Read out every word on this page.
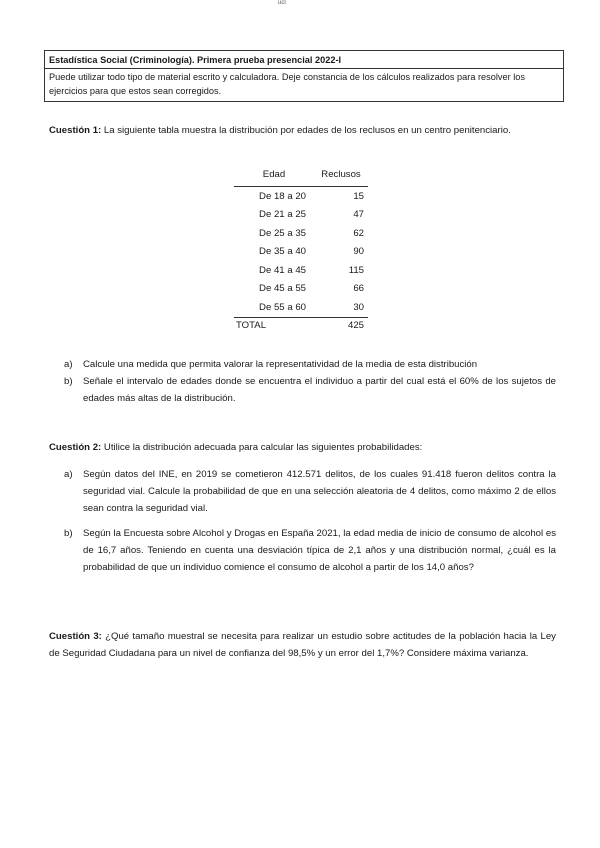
ucl
Estadística Social (Criminología). Primera prueba presencial 2022-I
Puede utilizar todo tipo de material escrito y calculadora. Deje constancia de los cálculos realizados para resolver los ejercicios para que estos sean corregidos.
Cuestión 1: La siguiente tabla muestra la distribución por edades de los reclusos en un centro penitenciario.
Edad	Reclusos
De 18 a 20	15
De 21 a 25	47
De 25 a 35	62
De 35 a 40	90
De 41 a 45	115
De 45 a 55	66
De 55 a 60	30
TOTAL	425
a)	Calcule una medida que permita valorar la representatividad de la media de esta distribución
b)	Señale el intervalo de edades donde se encuentra el individuo a partir del cual está el 60% de los sujetos de edades más altas de la distribución.
Cuestión 2: Utilice la distribución adecuada para calcular las siguientes probabilidades:
a)	Según datos del INE, en 2019 se cometieron 412.571 delitos, de los cuales 91.418 fueron delitos contra la seguridad vial. Calcule la probabilidad de que en una selección aleatoria de 4 delitos, como máximo 2 de ellos sean contra la seguridad vial.
b)	Según la Encuesta sobre Alcohol y Drogas en España 2021, la edad media de inicio de consumo de alcohol es de 16,7 años. Teniendo en cuenta una desviación típica de 2,1 años y una distribución normal, ¿cuál es la probabilidad de que un individuo comience el consumo de alcohol a partir de los 14,0 años?
Cuestión 3: ¿Qué tamaño muestral se necesita para realizar un estudio sobre actitudes de la población hacia la Ley de Seguridad Ciudadana para un nivel de confianza del 98,5% y un error del 1,7%? Considere máxima varianza.
